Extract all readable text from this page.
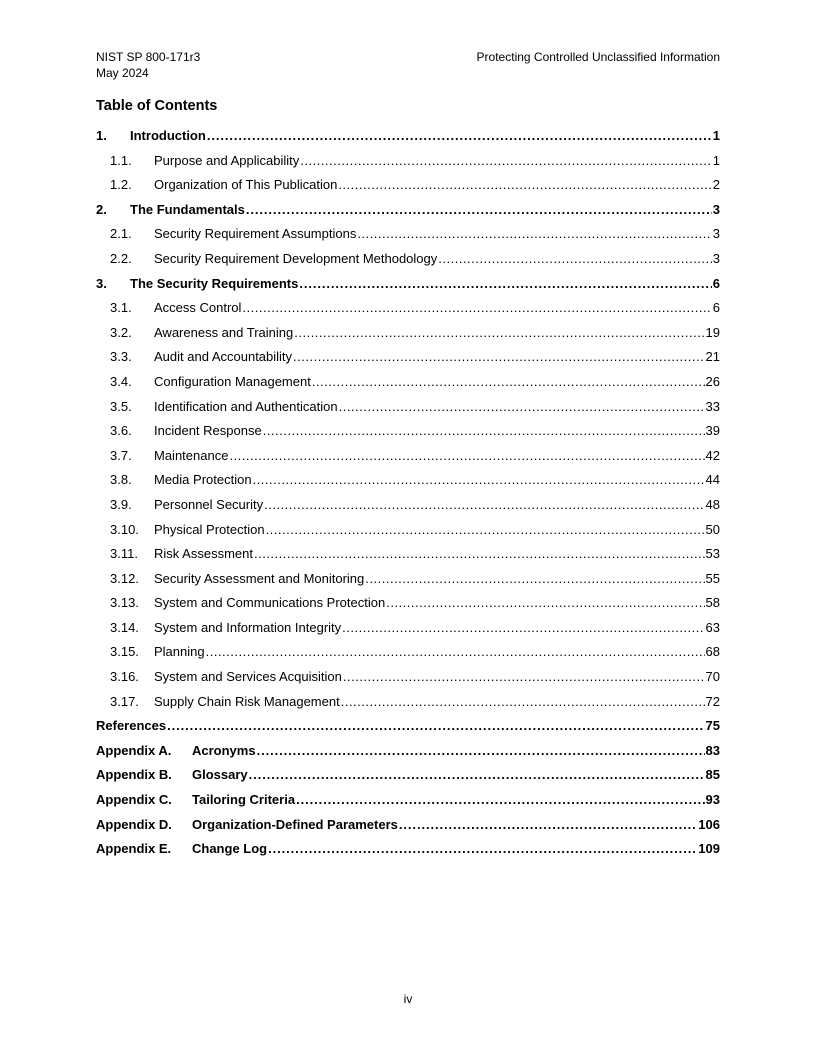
NIST SP 800-171r3
May 2024
Protecting Controlled Unclassified Information
Table of Contents
1.	Introduction .....	1
1.1.	Purpose and Applicability .....	1
1.2.	Organization of This Publication .....	2
2.	The Fundamentals .....	3
2.1.	Security Requirement Assumptions .....	3
2.2.	Security Requirement Development Methodology .....	3
3.	The Security Requirements .....	6
3.1.	Access Control .....	6
3.2.	Awareness and Training .....	19
3.3.	Audit and Accountability .....	21
3.4.	Configuration Management .....	26
3.5.	Identification and Authentication .....	33
3.6.	Incident Response .....	39
3.7.	Maintenance .....	42
3.8.	Media Protection .....	44
3.9.	Personnel Security .....	48
3.10.	Physical Protection .....	50
3.11.	Risk Assessment .....	53
3.12.	Security Assessment and Monitoring .....	55
3.13.	System and Communications Protection .....	58
3.14.	System and Information Integrity .....	63
3.15.	Planning .....	68
3.16.	System and Services Acquisition .....	70
3.17.	Supply Chain Risk Management .....	72
References .....	75
Appendix A.	Acronyms .....	83
Appendix B.	Glossary .....	85
Appendix C.	Tailoring Criteria .....	93
Appendix D.	Organization-Defined Parameters .....	106
Appendix E.	Change Log .....	109
iv
